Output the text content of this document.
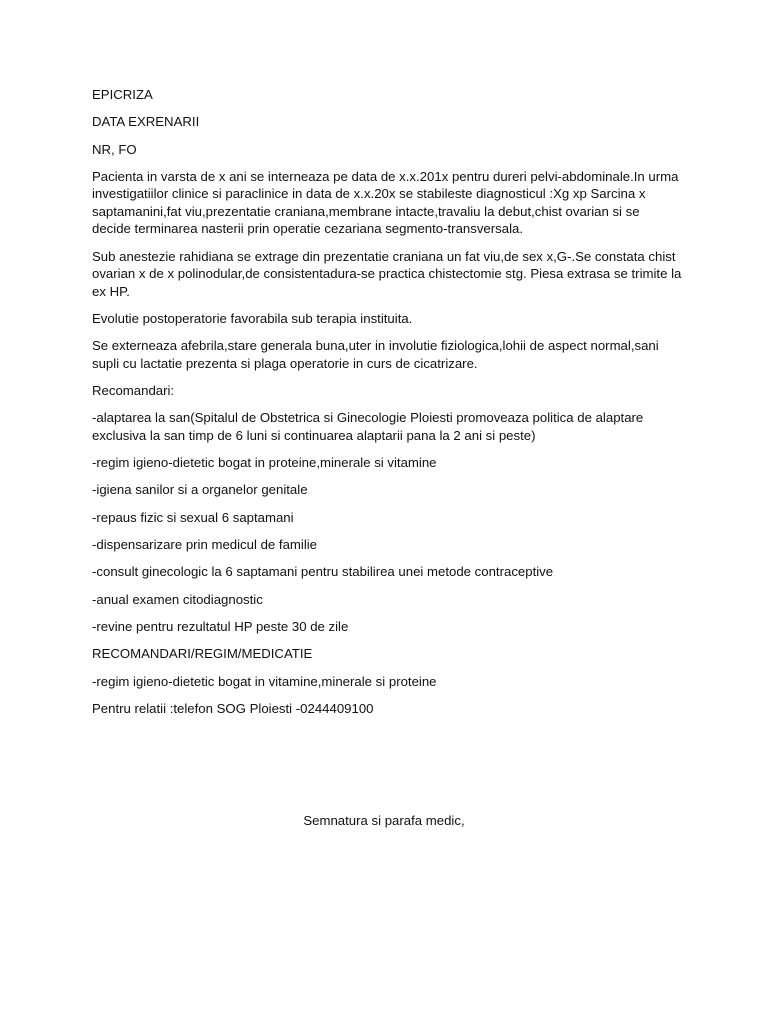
EPICRIZA

DATA EXRENARII

NR, FO

Pacienta in varsta de x ani se interneaza pe data de x.x.201x pentru dureri pelvi-abdominale.In urma investigatiilor clinice si paraclinice in data de x.x.20x se stabileste diagnosticul :Xg xp Sarcina x saptamanini,fat viu,prezentatie craniana,membrane intacte,travaliu la debut,chist ovarian si se decide terminarea nasterii prin operatie cezariana segmento-transversala.

Sub anestezie rahidiana se extrage din prezentatie craniana un fat viu,de sex x,G-.Se constata chist ovarian x de x polinodular,de consistentadura-se practica chistectomie stg. Piesa extrasa se trimite la ex HP.

Evolutie postoperatorie favorabila sub terapia instituita.

Se externeaza afebrila,stare generala buna,uter in involutie fiziologica,lohii de aspect normal,sani supli cu lactatie prezenta si plaga operatorie in curs de cicatrizare.

Recomandari:

-alaptarea la san(Spitalul de Obstetrica si Ginecologie Ploiesti promoveaza politica de alaptare exclusiva la san timp de 6 luni si continuarea alaptarii pana la 2 ani si peste)

-regim igieno-dietetic bogat in proteine,minerale si vitamine

-igiena sanilor si a organelor genitale

-repaus fizic si sexual 6 saptamani

-dispensarizare prin medicul de familie

-consult ginecologic la 6 saptamani pentru stabilirea unei metode contraceptive

-anual examen citodiagnostic

-revine pentru rezultatul HP peste 30 de zile

RECOMANDARI/REGIM/MEDICATIE

-regim igieno-dietetic bogat in vitamine,minerale si proteine

Pentru relatii :telefon SOG Ploiesti -0244409100

Semnatura si parafa medic,
